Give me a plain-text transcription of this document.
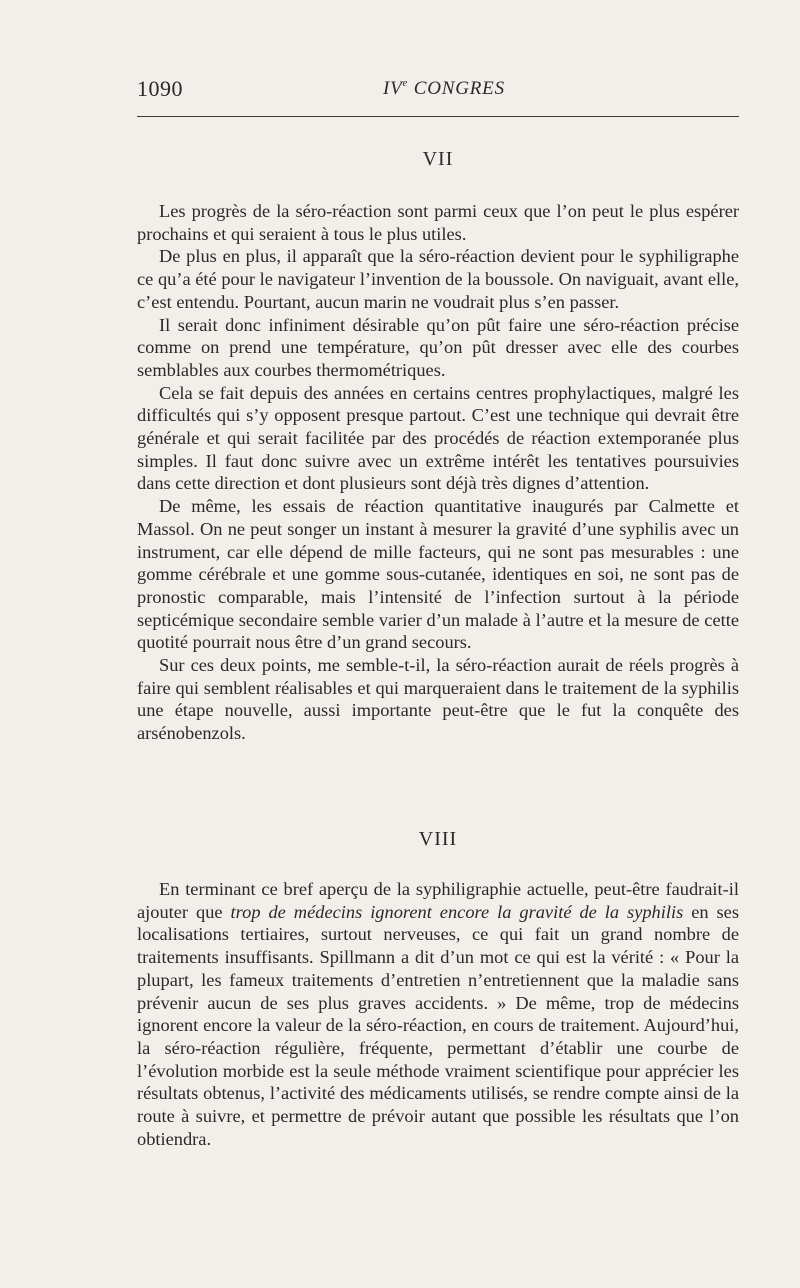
1090	IVe CONGRES
VII

Les progrès de la séro-réaction sont parmi ceux que l’on peut le plus espérer prochains et qui seraient à tous le plus utiles.

De plus en plus, il apparaît que la séro-réaction devient pour le syphiligraphe ce qu’a été pour le navigateur l’invention de la boussole. On naviguait, avant elle, c’est entendu. Pourtant, aucun marin ne voudrait plus s’en passer.

Il serait donc infiniment désirable qu’on pût faire une séro-réaction précise comme on prend une température, qu’on pût dresser avec elle des courbes semblables aux courbes thermométriques.

Cela se fait depuis des années en certains centres prophylactiques, malgré les difficultés qui s’y opposent presque partout. C’est une technique qui devrait être générale et qui serait facilitée par des procédés de réaction extemporanée plus simples. Il faut donc suivre avec un extrême intérêt les tentatives poursuivies dans cette direction et dont plusieurs sont déjà très dignes d’attention.

De même, les essais de réaction quantitative inaugurés par Calmette et Massol. On ne peut songer un instant à mesurer la gravité d’une syphilis avec un instrument, car elle dépend de mille facteurs, qui ne sont pas mesurables : une gomme cérébrale et une gomme sous-cutanée, identiques en soi, ne sont pas de pronostic comparable, mais l’intensité de l’infection surtout à la période septicémique secondaire semble varier d’un malade à l’autre et la mesure de cette quotité pourrait nous être d’un grand secours.

Sur ces deux points, me semble-t-il, la séro-réaction aurait de réels progrès à faire qui semblent réalisables et qui marqueraient dans le traitement de la syphilis une étape nouvelle, aussi importante peut-être que le fut la conquête des arsénobenzols.

VIII

En terminant ce bref aperçu de la syphiligraphie actuelle, peut-être faudrait-il ajouter que trop de médecins ignorent encore la gravité de la syphilis en ses localisations tertiaires, surtout nerveuses, ce qui fait un grand nombre de traitements insuffisants. Spillmann a dit d’un mot ce qui est la vérité : « Pour la plupart, les fameux traitements d’entretien n’entretiennent que la maladie sans prévenir aucun de ses plus graves accidents. » De même, trop de médecins ignorent encore la valeur de la séro-réaction, en cours de traitement. Aujourd’hui, la séro-réaction régulière, fréquente, permettant d’établir une courbe de l’évolution morbide est la seule méthode vraiment scientifique pour apprécier les résultats obtenus, l’activité des médicaments utilisés, se rendre compte ainsi de la route à suivre, et permettre de prévoir autant que possible les résultats que l’on obtiendra.
